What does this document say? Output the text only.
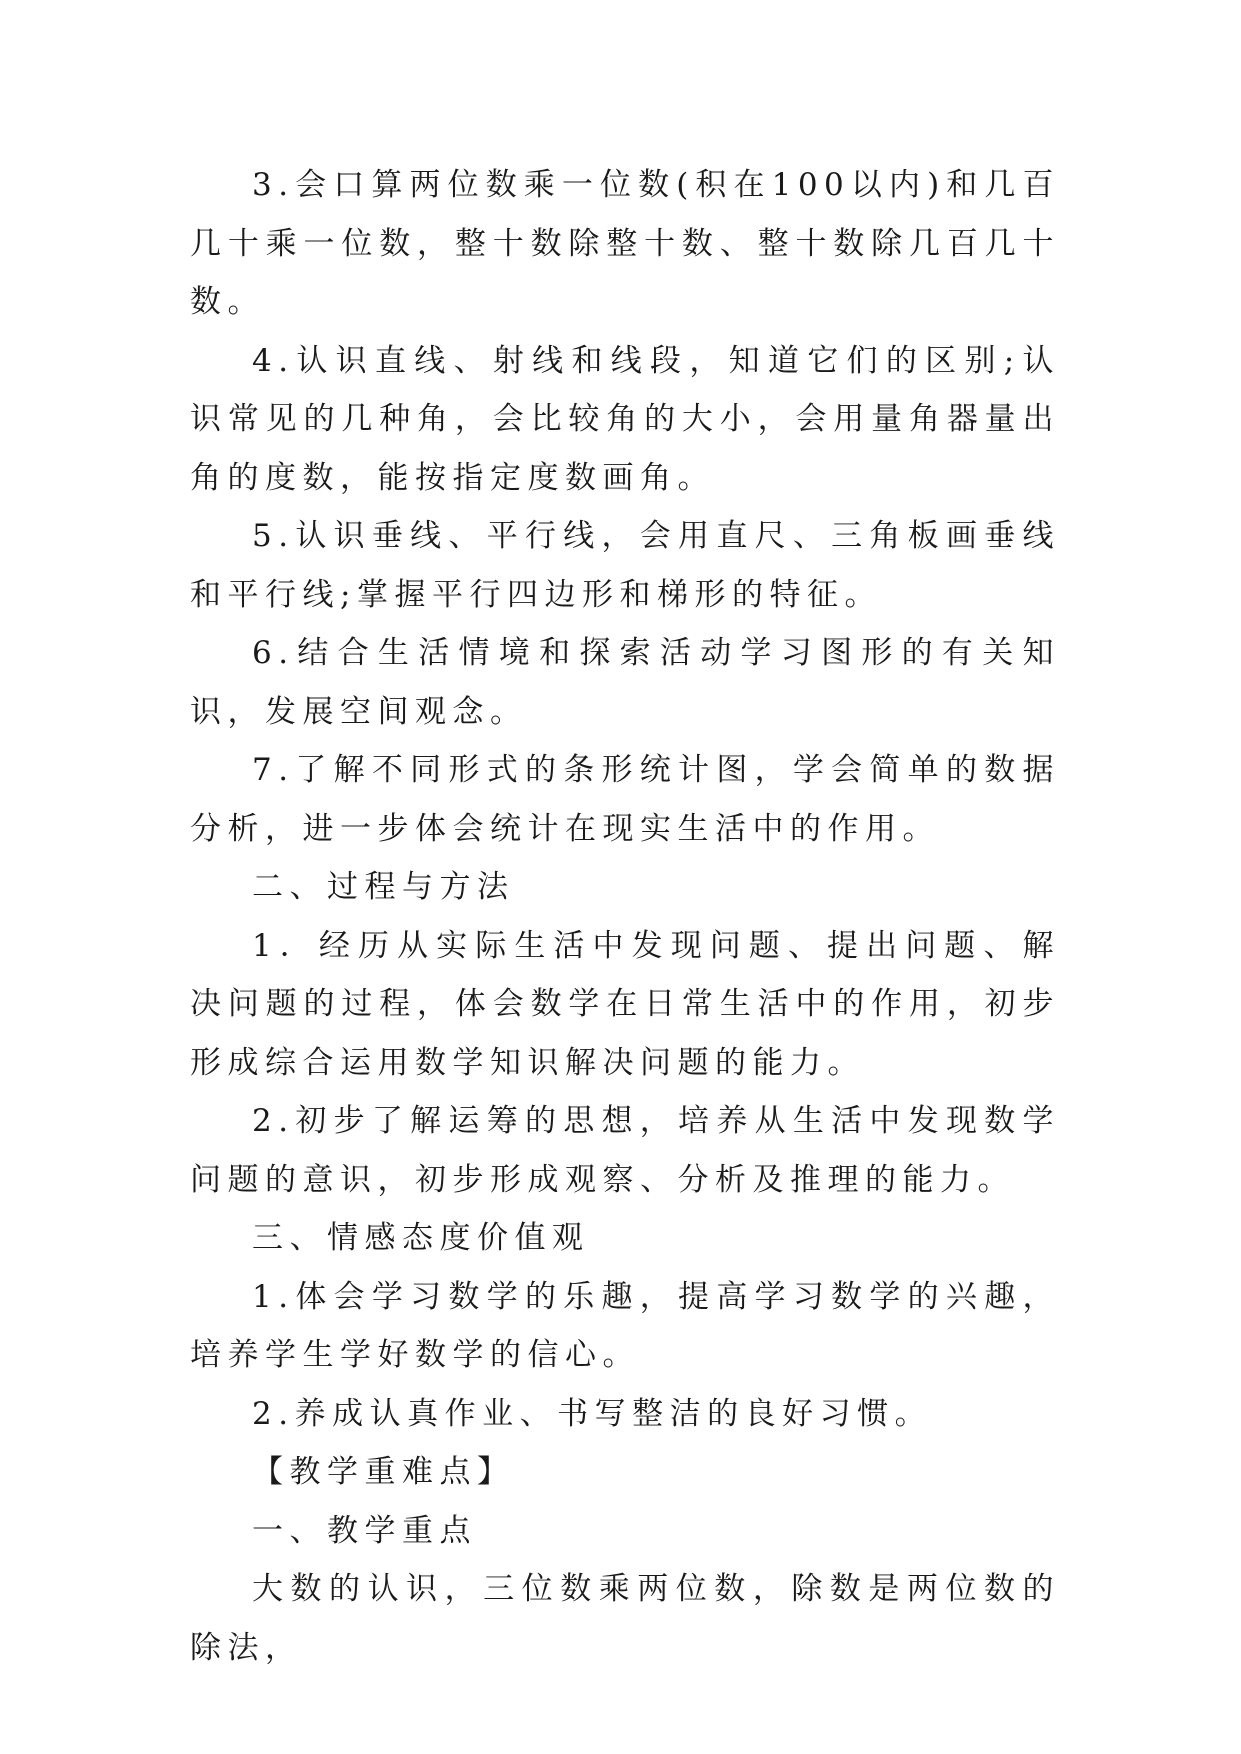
3.会口算两位数乘一位数(积在100以内)和几百几十乘一位数，整十数除整十数、整十数除几百几十数。

4.认识直线、射线和线段，知道它们的区别;认识常见的几种角，会比较角的大小，会用量角器量出角的度数，能按指定度数画角。

5.认识垂线、平行线，会用直尺、三角板画垂线和平行线;掌握平行四边形和梯形的特征。

6.结合生活情境和探索活动学习图形的有关知识，发展空间观念。

7.了解不同形式的条形统计图，学会简单的数据分析，进一步体会统计在现实生活中的作用。

二、过程与方法

1．经历从实际生活中发现问题、提出问题、解决问题的过程，体会数学在日常生活中的作用，初步形成综合运用数学知识解决问题的能力。

2.初步了解运筹的思想，培养从生活中发现数学问题的意识，初步形成观察、分析及推理的能力。

三、情感态度价值观

1.体会学习数学的乐趣，提高学习数学的兴趣，培养学生学好数学的信心。

2.养成认真作业、书写整洁的良好习惯。

【教学重难点】

一、教学重点

大数的认识，三位数乘两位数，除数是两位数的除法，
